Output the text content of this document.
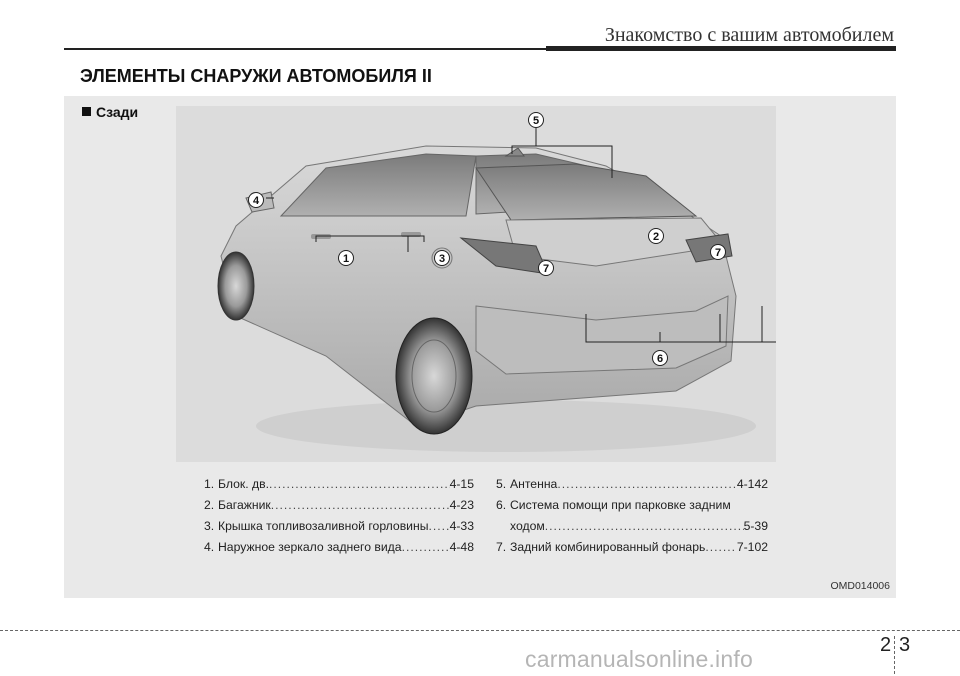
Знакомство с вашим автомобилем
ЭЛЕМЕНТЫ СНАРУЖИ АВТОМОБИЛЯ II
Сзади
1
2
3
4
5
6
7
7
1. Блок. дв. .....	4-15
2. Багажник .....	4-23
3. Крышка топливозаливной горловины ..... 4-33
4. Наружное зеркало заднего вида .....	4-48
5. Антенна .....	4-142
6. Система помощи при парковке задним
ходом .....	5-39
7. Задний комбинированный фонарь .....	7-102
OMD014006
2 3
carmanualsonline.info
